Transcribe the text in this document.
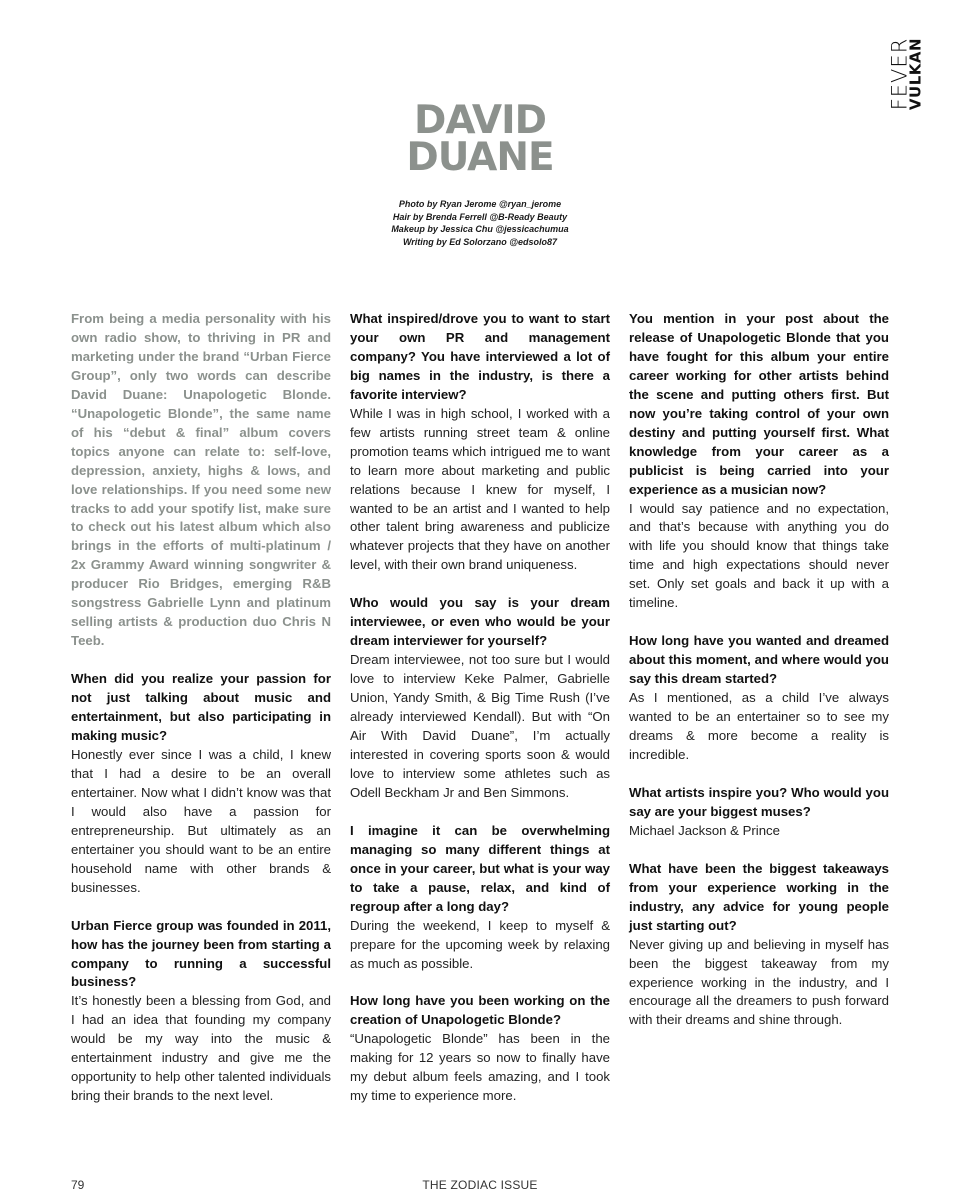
FEVER
VULKAN
DAVID
DUANE
Photo by Ryan Jerome @ryan_jerome
Hair by Brenda Ferrell @B-Ready Beauty
Makeup by Jessica Chu @jessicachumua
Writing by Ed Solorzano @edsolo87

From being a media personality with his own radio show, to thriving in PR and marketing under the brand “Urban Fierce Group”, only two words can describe David Duane: Unapologetic Blonde. “Unapologetic Blonde”, the same name of his “debut & final” album covers topics anyone can relate to: self-love, depression, anxiety, highs & lows, and love relationships. If you need some new tracks to add your spotify list, make sure to check out his latest album which also brings in the efforts of multi-platinum / 2x Grammy Award winning songwriter & producer Rio Bridges, emerging R&B songstress Gabrielle Lynn and platinum selling artists & production duo Chris N Teeb.

When did you realize your passion for not just talking about music and entertainment, but also participating in making music?
Honestly ever since I was a child, I knew that I had a desire to be an overall entertainer. Now what I didn’t know was that I would also have a passion for entrepreneurship. But ultimately as an entertainer you should want to be an entire household name with other brands & businesses.

Urban Fierce group was founded in 2011, how has the journey been from starting a company to running a successful business?
It’s honestly been a blessing from God, and I had an idea that founding my company would be my way into the music & entertainment industry and give me the opportunity to help other talented individuals bring their brands to the next level.

What inspired/drove you to want to start your own PR and management company? You have interviewed a lot of big names in the industry, is there a favorite interview?
While I was in high school, I worked with a few artists running street team & online promotion teams which intrigued me to want to learn more about marketing and public relations because I knew for myself, I wanted to be an artist and I wanted to help other talent bring awareness and publicize whatever projects that they have on another level, with their own brand uniqueness.

Who would you say is your dream interviewee, or even who would be your dream interviewer for yourself?
Dream interviewee, not too sure but I would love to interview Keke Palmer, Gabrielle Union, Yandy Smith, & Big Time Rush (I’ve already interviewed Kendall). But with “On Air With David Duane”, I’m actually interested in covering sports soon & would love to interview some athletes such as Odell Beckham Jr and Ben Simmons.

I imagine it can be overwhelming managing so many different things at once in your career, but what is your way to take a pause, relax, and kind of regroup after a long day?
During the weekend, I keep to myself & prepare for the upcoming week by relaxing as much as possible.

How long have you been working on the creation of Unapologetic Blonde?
“Unapologetic Blonde” has been in the making for 12 years so now to finally have my debut album feels amazing, and I took my time to experience more.

You mention in your post about the release of Unapologetic Blonde that you have fought for this album your entire career working for other artists behind the scene and putting others first. But now you’re taking control of your own destiny and putting yourself first. What knowledge from your career as a publicist is being carried into your experience as a musician now?
I would say patience and no expectation, and that’s because with anything you do with life you should know that things take time and high expectations should never set. Only set goals and back it up with a timeline.

How long have you wanted and dreamed about this moment, and where would you say this dream started?
As I mentioned, as a child I’ve always wanted to be an entertainer so to see my dreams & more become a reality is incredible.

What artists inspire you? Who would you say are your biggest muses?
Michael Jackson & Prince

What have been the biggest takeaways from your experience working in the industry, any advice for young people just starting out?
Never giving up and believing in myself has been the biggest takeaway from my experience working in the industry, and I encourage all the dreamers to push forward with their dreams and shine through.

79	THE ZODIAC ISSUE
